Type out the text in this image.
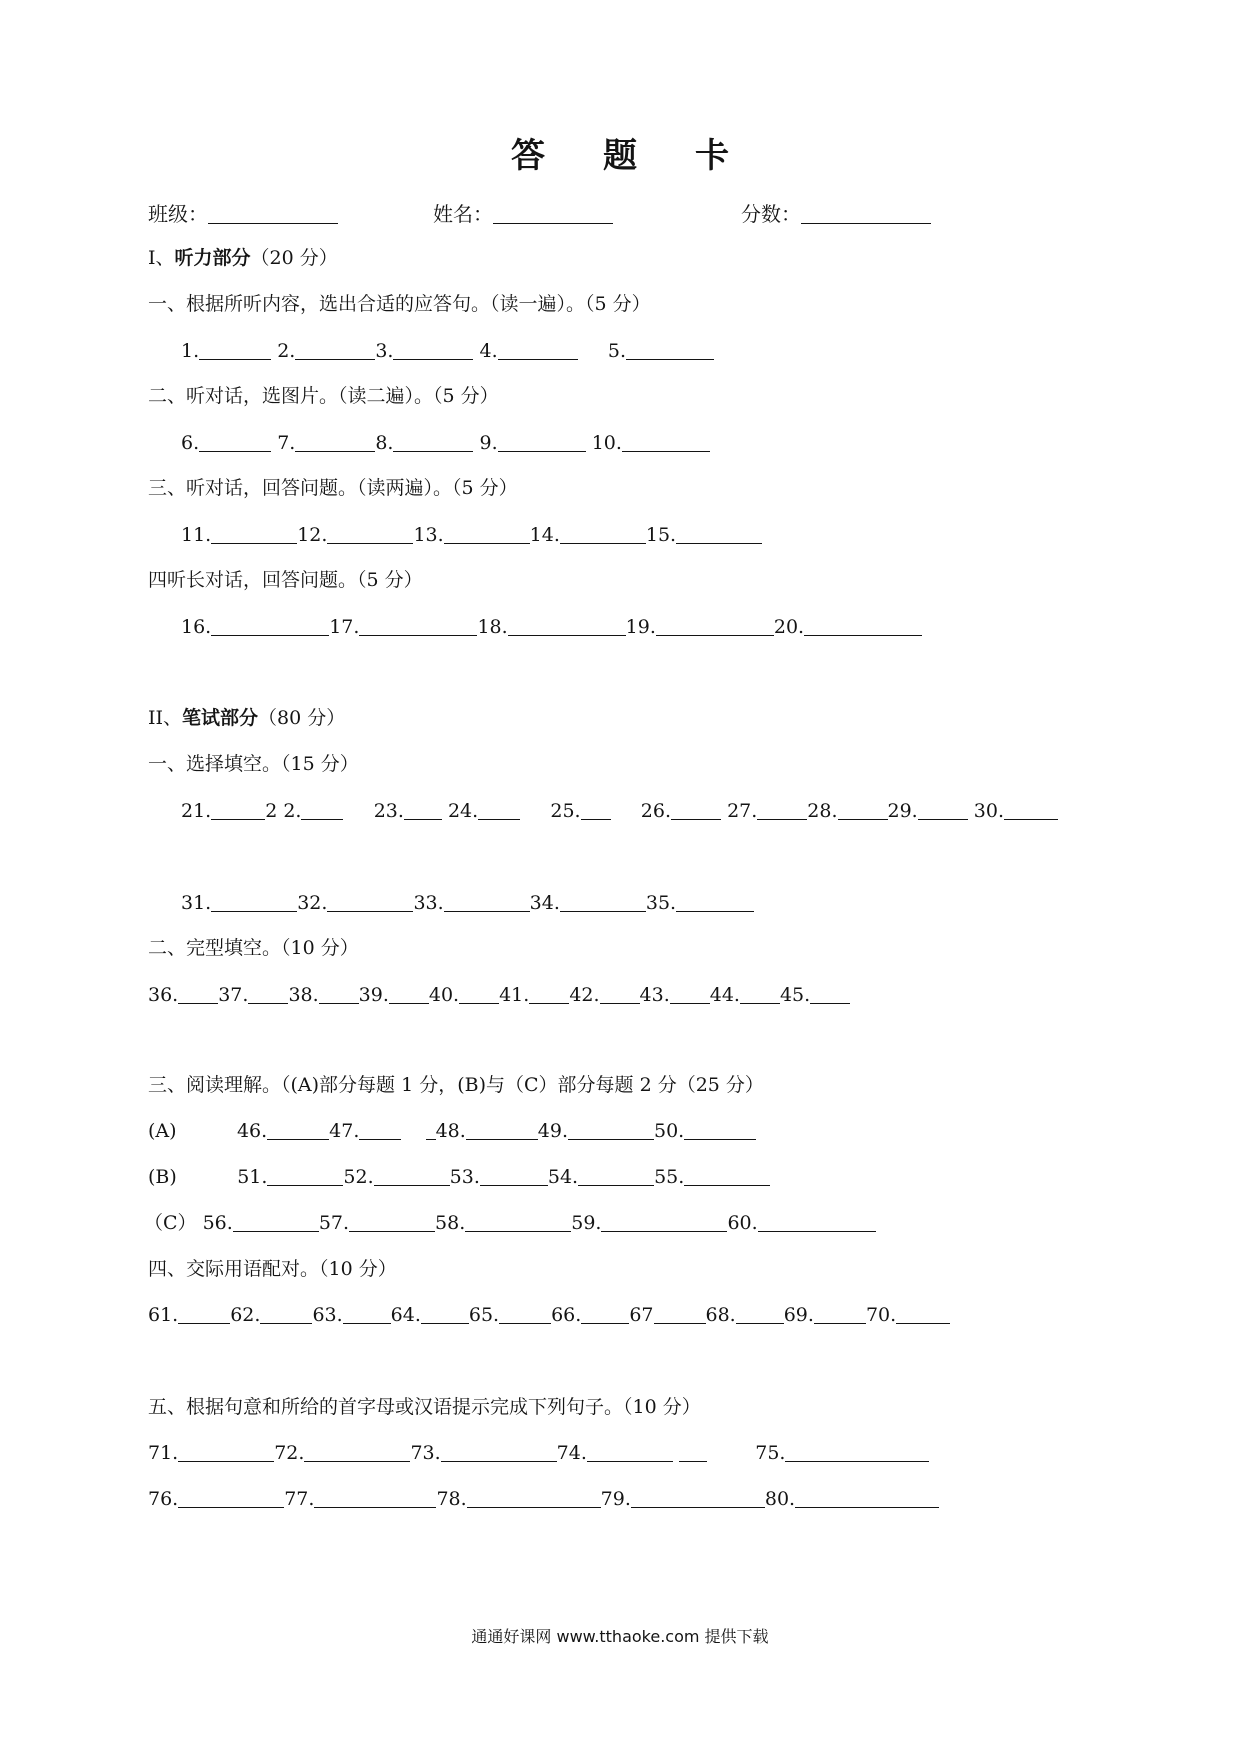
答题卡
班级：	姓名：	分数：
I、听力部分（20 分）
一、根据所听内容，选出合适的应答句。（读一遍）。（5 分）
1.	2.	3.	4.	5.
二、听对话，选图片。（读二遍）。（5 分）
6.	7.	8.	9.	10.
三、听对话，回答问题。（读两遍）。（5 分）
11.	12.	13.	14.	15.
四听长对话，回答问题。（5 分）
16.	17.	18.	19.	20.
II、笔试部分（80 分）
一、选择填空。（15 分）
21.	2 2.	23. 24.	25.	26.	27.	28.	29.	30.
31.	32.	33.	34.	35.
二、完型填空。（10 分）
36. 37. 38. 39. 40. 41. 42. 43. 44. 45.
三、阅读理解。（(A)部分每题 1 分，(B)与（C）部分每题 2 分（25 分）
(A)	46.	47.	48.	49.	50.
(B)	51.	52.	53.	54.	55.
（C） 56.	57.	58.	59.	60.
四、交际用语配对。（10 分）
61.	62.	63.	64.	65.	66.	67	68.	69.	70.
五、根据句意和所给的首字母或汉语提示完成下列句子。（10 分）
71.	72.	73.	74.	75.
76.	77.	78.	79.	80.
通通好课网 www.tthaoke.com 提供下载
